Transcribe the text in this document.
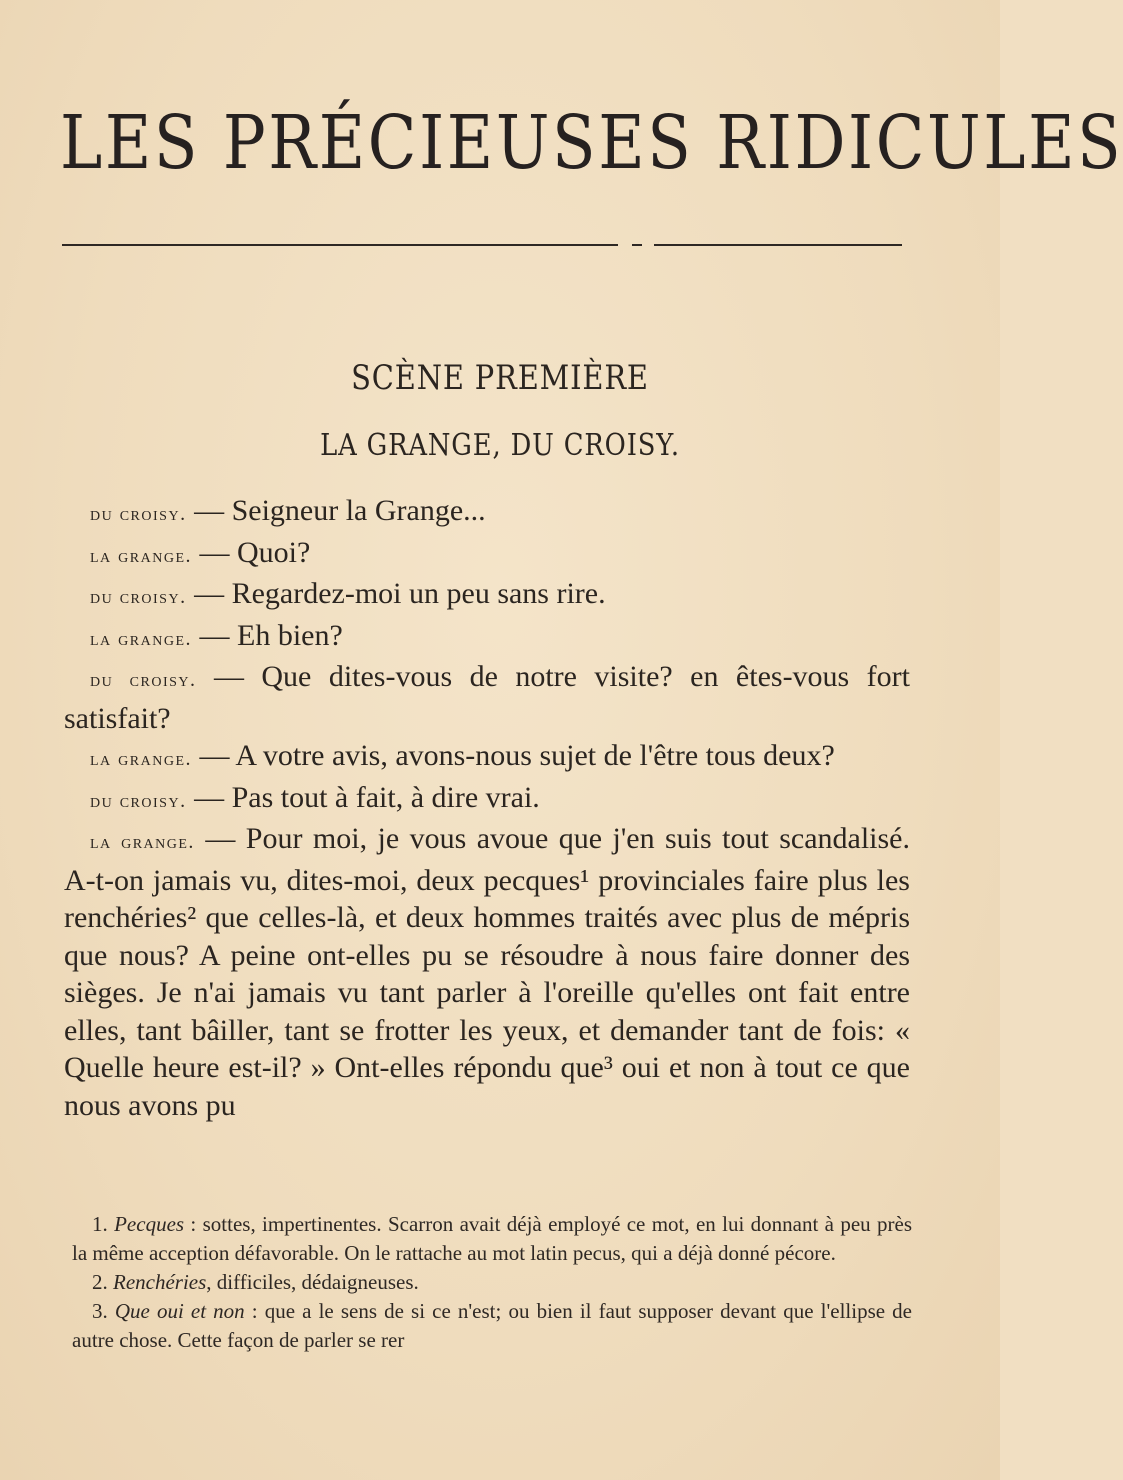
LES PRÉCIEUSES RIDICULES
SCÈNE PREMIÈRE
LA GRANGE, DU CROISY.

du croisy. — Seigneur la Grange...

la grange. — Quoi?

du croisy. — Regardez-moi un peu sans rire.

la grange. — Eh bien?

du croisy. — Que dites-vous de notre visite? en êtes-vous fort satisfait?

la grange. — A votre avis, avons-nous sujet de l'être tous deux?

du croisy. — Pas tout à fait, à dire vrai.

la grange. — Pour moi, je vous avoue que j'en suis tout scandalisé. A-t-on jamais vu, dites-moi, deux pecques¹ provinciales faire plus les renchéries² que celles-là, et deux hommes traités avec plus de mépris que nous? A peine ont-elles pu se résoudre à nous faire donner des sièges. Je n'ai jamais vu tant parler à l'oreille qu'elles ont fait entre elles, tant bâiller, tant se frotter les yeux, et demander tant de fois: « Quelle heure est-il? » Ont-elles répondu que³ oui et non à tout ce que nous avons pu

1. Pecques : sottes, impertinentes. Scarron avait déjà employé ce mot, en lui donnant à peu près la même acception défavorable. On le rattache au mot latin pecus, qui a déjà donné pécore.

2. Renchéries, difficiles, dédaigneuses.

3. Que oui et non : que a le sens de si ce n'est; ou bien il faut supposer devant que l'ellipse de autre chose. Cette façon de parler se rer
